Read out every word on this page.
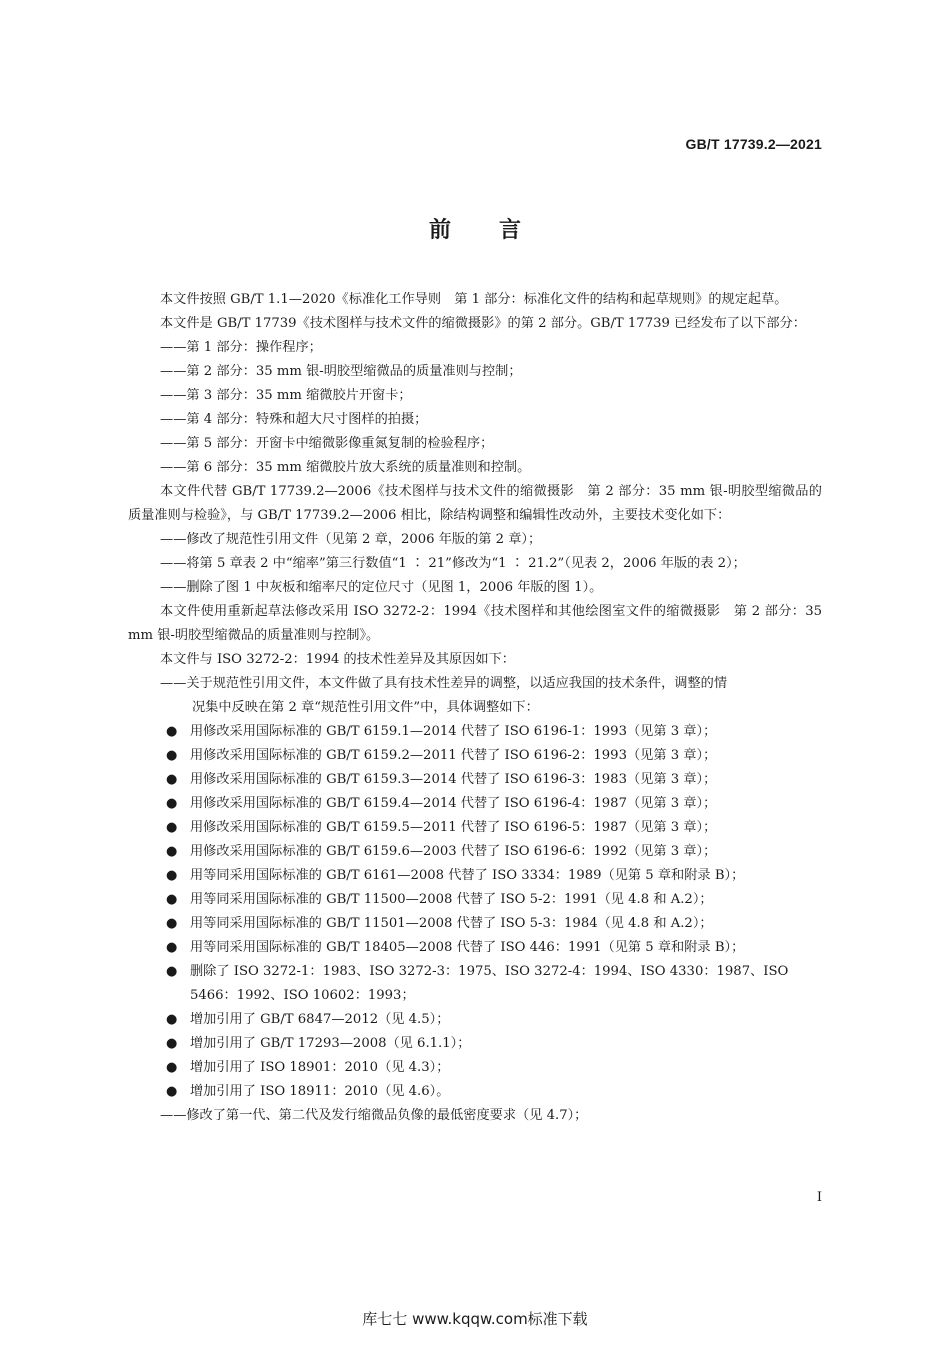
GB/T 17739.2—2021
前言

本文件按照 GB/T 1.1—2020《标准化工作导则　第 1 部分：标准化文件的结构和起草规则》的规定起草。

本文件是 GB/T 17739《技术图样与技术文件的缩微摄影》的第 2 部分。GB/T 17739 已经发布了以下部分：

——第 1 部分：操作程序；

——第 2 部分：35 mm 银-明胶型缩微品的质量准则与控制；

——第 3 部分：35 mm 缩微胶片开窗卡；

——第 4 部分：特殊和超大尺寸图样的拍摄；

——第 5 部分：开窗卡中缩微影像重氮复制的检验程序；

——第 6 部分：35 mm 缩微胶片放大系统的质量准则和控制。

本文件代替 GB/T 17739.2—2006《技术图样与技术文件的缩微摄影　第 2 部分：35 mm 银-明胶型缩微品的质量准则与检验》，与 GB/T 17739.2—2006 相比，除结构调整和编辑性改动外，主要技术变化如下：

——修改了规范性引用文件（见第 2 章，2006 年版的第 2 章）；

——将第 5 章表 2 中“缩率”第三行数值“1 ∶ 21”修改为“1 ∶ 21.2”（见表 2，2006 年版的表 2）；

——删除了图 1 中灰板和缩率尺的定位尺寸（见图 1，2006 年版的图 1）。

本文件使用重新起草法修改采用 ISO 3272-2：1994《技术图样和其他绘图室文件的缩微摄影　第 2 部分：35 mm 银-明胶型缩微品的质量准则与控制》。

本文件与 ISO 3272-2：1994 的技术性差异及其原因如下：

——关于规范性引用文件，本文件做了具有技术性差异的调整，以适应我国的技术条件，调整的情
况集中反映在第 2 章“规范性引用文件”中，具体调整如下：

● 用修改采用国际标准的 GB/T 6159.1—2014 代替了 ISO 6196-1：1993（见第 3 章）；

● 用修改采用国际标准的 GB/T 6159.2—2011 代替了 ISO 6196-2：1993（见第 3 章）；

● 用修改采用国际标准的 GB/T 6159.3—2014 代替了 ISO 6196-3：1983（见第 3 章）；

● 用修改采用国际标准的 GB/T 6159.4—2014 代替了 ISO 6196-4：1987（见第 3 章）；

● 用修改采用国际标准的 GB/T 6159.5—2011 代替了 ISO 6196-5：1987（见第 3 章）；

● 用修改采用国际标准的 GB/T 6159.6—2003 代替了 ISO 6196-6：1992（见第 3 章）；

● 用等同采用国际标准的 GB/T 6161—2008 代替了 ISO 3334：1989（见第 5 章和附录 B）；

● 用等同采用国际标准的 GB/T 11500—2008 代替了 ISO 5-2：1991（见 4.8 和 A.2）；

● 用等同采用国际标准的 GB/T 11501—2008 代替了 ISO 5-3：1984（见 4.8 和 A.2）；

● 用等同采用国际标准的 GB/T 18405—2008 代替了 ISO 446：1991（见第 5 章和附录 B）；

● 删除了 ISO 3272-1：1983、ISO 3272-3：1975、ISO 3272-4：1994、ISO 4330：1987、ISO 5466：1992、ISO 10602：1993；

● 增加引用了 GB/T 6847—2012（见 4.5）；

● 增加引用了 GB/T 17293—2008（见 6.1.1）；

● 增加引用了 ISO 18901：2010（见 4.3）；

● 增加引用了 ISO 18911：2010（见 4.6）。

——修改了第一代、第二代及发行缩微品负像的最低密度要求（见 4.7）；

I
库七七 www.kqqw.com标准下载
